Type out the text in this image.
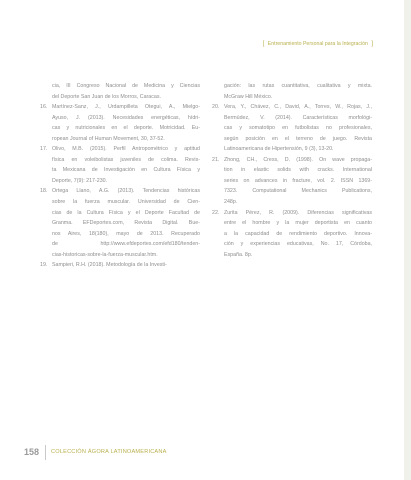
[ Entrenamiento Personal para la Integración ]
cia, III Congreso Nacional de Medicina y Ciencias
del Deporte San Juan de los Morros, Caracas.
16. Martínez-Sanz, J., Urdampilleta Otegui, A., Mielgo-
Ayuso, J. (2013). Necesidades energéticas, hídri-
cas y nutricionales en el deporte. Motricidad. Eu-
ropean Journal of Human Movement, 30, 37-52.
17. Olivo, M.B. (2015). Perfil Antropométrico y aptitud
física en voleibolistas juveniles de colima. Revis-
ta Mexicana de Investigación en Cultura Física y
Deporte, 7(9): 217-230.
18. Ortega Llano, A.G. (2013). Tendencias históricas
sobre la fuerza muscular. Universidad de Cien-
cias de la Cultura Física y el Deporte Facultad de
Granma. EFDeportes.com, Revista Digital. Bue-
nos Aires, 18(180), mayo de 2013. Recuperado
de http://www.efdeportes.com/efd180/tenden-
cias-historicas-sobre-la-fuerza-muscular.htm.
19. Sampieri, R.H. (2018). Metodología de la Investi-
gación: las rutas cuantitativa, cualitativa y mixta.
McGraw Hill México.
20. Vera, Y., Chávez, C., David, A., Torres, W., Rojas, J.,
Bermúdez, V. (2014). Características morfológi-
cas y somatotipo en futbolistas no profesionales,
según posición en el terreno de juego. Revista
Latinoamericana de Hipertensión, 9 (3), 13-20.
21. Zhong, CH., Cress, D. (1998). On wave propaga-
tion in elastic solids with cracks. International
series on advances in fracture, vol. 2. ISSN 1369-
7323. Computational Mechanics Publications,
248p.
22. Zurita Pérez, R. (2009). Diferencias significativas
entre el hombre y la mujer deportista en cuanto
a la capacidad de rendimiento deportivo. Innova-
ción y experiencias educativas, No. 17, Córdoba,
España. 8p.
158	COLECCIÓN ÁGORA LATINOAMERICANA
